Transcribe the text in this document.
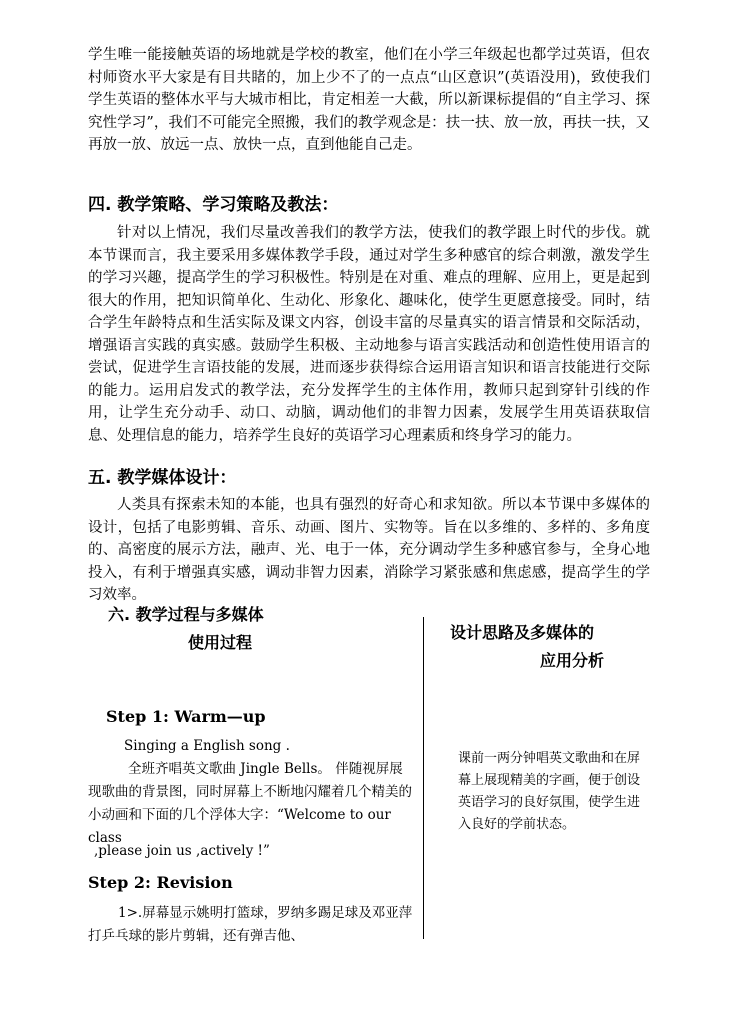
学生唯一能接触英语的场地就是学校的教室，他们在小学三年级起也都学过英语，但农村师资水平大家是有目共睹的，加上少不了的一点点“山区意识”(英语没用)，致使我们学生英语的整体水平与大城市相比，肯定相差一大截，所以新课标提倡的“自主学习、探究性学习”，我们不可能完全照搬，我们的教学观念是：扶一扶、放一放，再扶一扶，又再放一放、放远一点、放快一点，直到他能自己走。

四. 教学策略、学习策略及教法：

针对以上情况，我们尽量改善我们的教学方法，使我们的教学跟上时代的步伐。就本节课而言，我主要采用多媒体教学手段，通过对学生多种感官的综合刺激，激发学生的学习兴趣，提高学生的学习积极性。特别是在对重、难点的理解、应用上，更是起到很大的作用，把知识简单化、生动化、形象化、趣味化，使学生更愿意接受。同时，结合学生年龄特点和生活实际及课文内容，创设丰富的尽量真实的语言情景和交际活动，增强语言实践的真实感。鼓励学生积极、主动地参与语言实践活动和创造性使用语言的尝试，促进学生言语技能的发展，进而逐步获得综合运用语言知识和语言技能进行交际的能力。运用启发式的教学法，充分发挥学生的主体作用，教师只起到穿针引线的作用，让学生充分动手、动口、动脑，调动他们的非智力因素，发展学生用英语获取信息、处理信息的能力，培养学生良好的英语学习心理素质和终身学习的能力。

五. 教学媒体设计：

人类具有探索未知的本能，也具有强烈的好奇心和求知欲。所以本节课中多媒体的设计，包括了电影剪辑、音乐、动画、图片、实物等。旨在以多维的、多样的、多角度的、高密度的展示方法，融声、光、电于一体，充分调动学生多种感官参与，全身心地投入，有利于增强真实感，调动非智力因素，消除学习紧张感和焦虑感，提高学生的学习效率。

六. 教学过程与多媒体

使用过程

设计思路及多媒体的

应用分析

Step 1: Warm—up

Singing a English song .

全班齐唱英文歌曲 Jingle Bells。 伴随视屏展现歌曲的背景图，同时屏幕上不断地闪耀着几个精美的小动画和下面的几个浮体大字：“Welcome to our class

,please join us ,actively !”

Step 2: Revision

1>.屏幕显示姚明打篮球，罗纳多踢足球及邓亚萍打乒乓球的影片剪辑，还有弹吉他、

课前一两分钟唱英文歌曲和在屏幕上展现精美的字画，便于创设英语学习的良好氛围，使学生进入良好的学前状态。
